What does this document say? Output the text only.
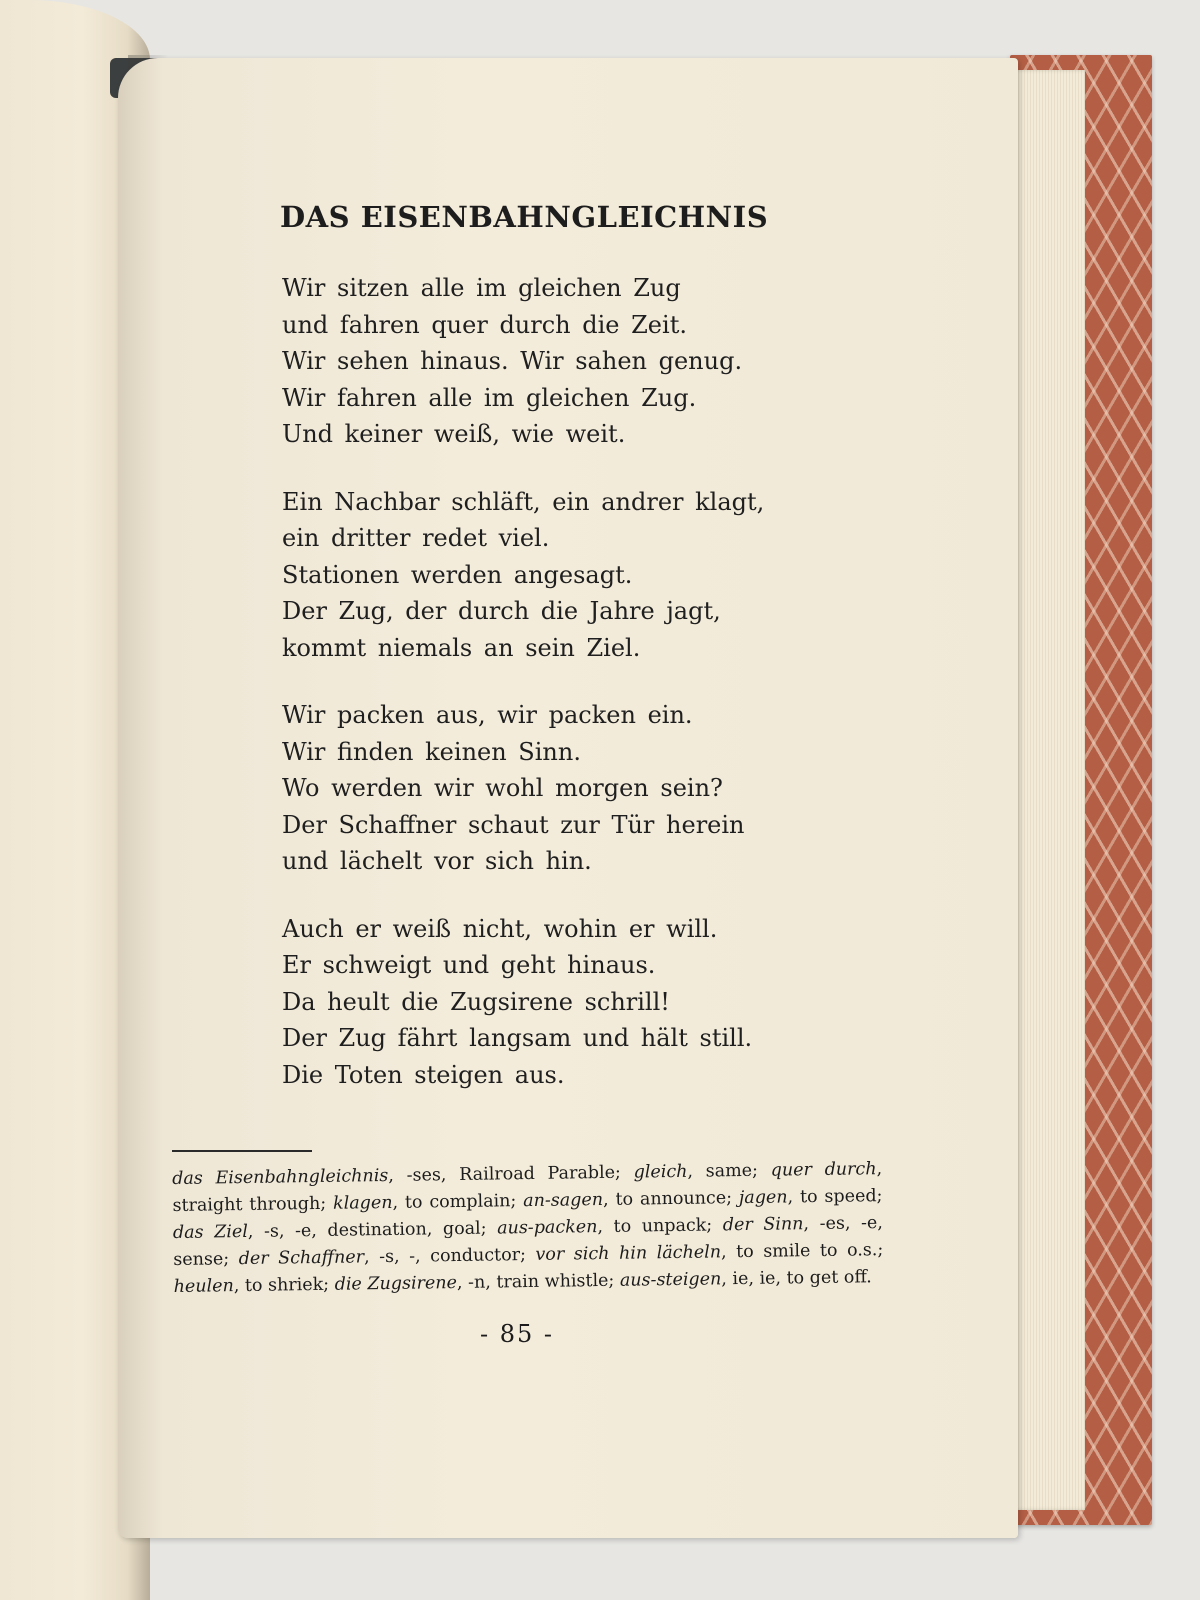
DAS EISENBAHNGLEICHNIS
Wir sitzen alle im gleichen Zug
und fahren quer durch die Zeit.
Wir sehen hinaus. Wir sahen genug.
Wir fahren alle im gleichen Zug.
Und keiner weiß, wie weit.
Ein Nachbar schläft, ein andrer klagt,
ein dritter redet viel.
Stationen werden angesagt.
Der Zug, der durch die Jahre jagt,
kommt niemals an sein Ziel.
Wir packen aus, wir packen ein.
Wir finden keinen Sinn.
Wo werden wir wohl morgen sein?
Der Schaffner schaut zur Tür herein
und lächelt vor sich hin.
Auch er weiß nicht, wohin er will.
Er schweigt und geht hinaus.
Da heult die Zugsirene schrill!
Der Zug fährt langsam und hält still.
Die Toten steigen aus.
das Eisenbahngleichnis, -ses, Railroad Parable; gleich, same; quer durch, straight through; klagen, to complain; an-sagen, to announce; jagen, to speed; das Ziel, -s, -e, destination, goal; aus-packen, to unpack; der Sinn, -es, -e, sense; der Schaffner, -s, -, conductor; vor sich hin lächeln, to smile to o.s.; heulen, to shriek; die Zugsirene, -n, train whistle; aus-steigen, ie, ie, to get off.
- 85 -
